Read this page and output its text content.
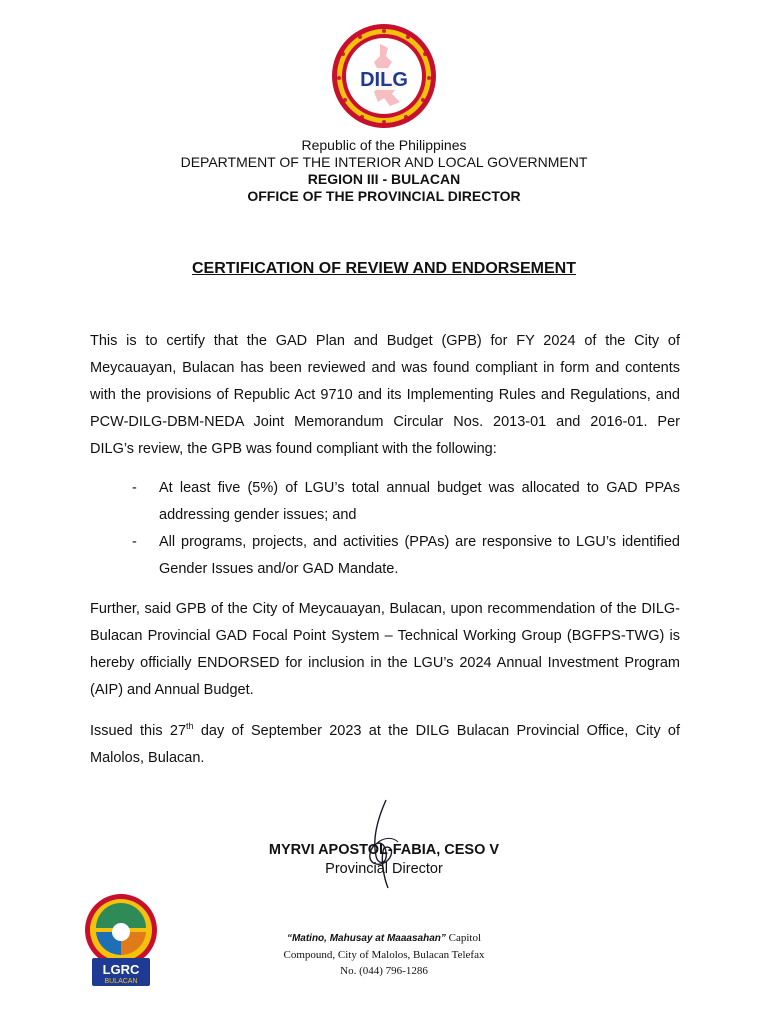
DILG
Republic of the Philippines
DEPARTMENT OF THE INTERIOR AND LOCAL GOVERNMENT
REGION III - BULACAN
OFFICE OF THE PROVINCIAL DIRECTOR
CERTIFICATION OF REVIEW AND ENDORSEMENT
This is to certify that the GAD Plan and Budget (GPB) for FY 2024 of the City of Meycauayan, Bulacan has been reviewed and was found compliant in form and contents with the provisions of Republic Act 9710 and its Implementing Rules and Regulations, and PCW-DILG-DBM-NEDA Joint Memorandum Circular Nos. 2013-01 and 2016-01. Per DILG’s review, the GPB was found compliant with the following:
- At least five (5%) of LGU’s total annual budget was allocated to GAD PPAs addressing gender issues; and
- All programs, projects, and activities (PPAs) are responsive to LGU’s identified Gender Issues and/or GAD Mandate.
Further, said GPB of the City of Meycauayan, Bulacan, upon recommendation of the DILG-Bulacan Provincial GAD Focal Point System – Technical Working Group (BGFPS-TWG) is hereby officially ENDORSED for inclusion in the LGU’s 2024 Annual Investment Program (AIP) and Annual Budget.
Issued this 27th day of September 2023 at the DILG Bulacan Provincial Office, City of Malolos, Bulacan.
MYRVI APOSTOL-FABIA, CESO V
Provincial Director
LGRC
BULACAN
“Matino, Mahusay at Maaasahan” Capitol
Compound, City of Malolos, Bulacan Telefax
No. (044) 796-1286
